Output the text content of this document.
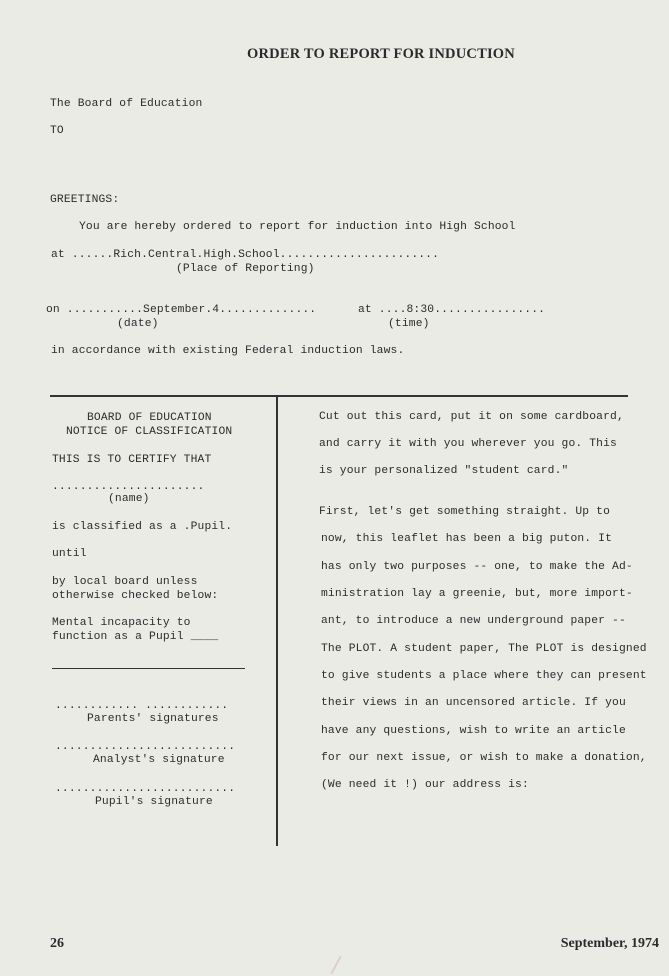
ORDER TO REPORT FOR INDUCTION
The Board of Education
TO
GREETINGS:
You are hereby ordered to report for induction into High School
at ......Rich.Central.High.School.......................
(Place of Reporting)
on ...........September.4..............
(date)
at ....8:30................
(time)
in accordance with existing Federal induction laws.
BOARD OF EDUCATION
NOTICE OF CLASSIFICATION
THIS IS TO CERTIFY THAT
......................
(name)
is classified as a .Pupil.
until
by local board unless
otherwise checked below:
Mental incapacity to
function as a Pupil ____
............ ............
Parents' signatures
..........................
Analyst's signature
..........................
Pupil's signature
Cut out this card, put it on some cardboard,
and carry it with you wherever you go. This
is your personalized "student card."
First, let's get something straight. Up to
now, this leaflet has been a big puton. It
has only two purposes -- one, to make the Ad-
ministration lay a greenie, but, more import-
ant, to introduce a new underground paper --
The PLOT. A student paper, The PLOT is designed
to give students a place where they can present
their views in an uncensored article. If you
have any questions, wish to write an article
for our next issue, or wish to make a donation,
(We need it !) our address is:
26	September, 1974
